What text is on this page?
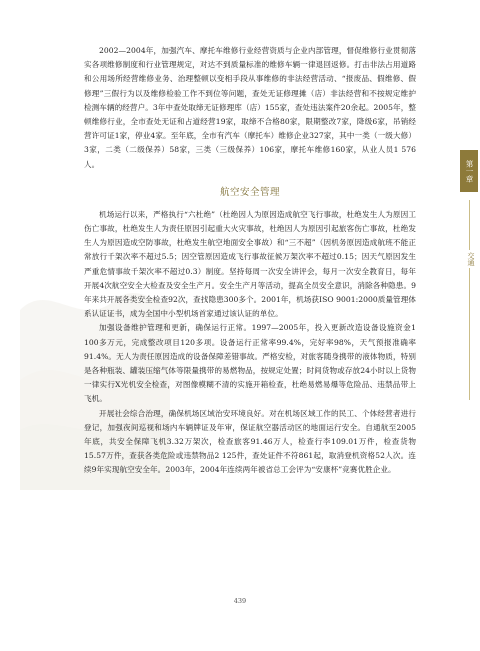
2002—2004年，加强汽车、摩托车维修行业经营资质与企业内部管理，督促维修行业贯彻落实各项维修制度和行业管理规定，对达不到质量标准的维修车辆一律退回返修。打击非法占用道路和公用场所经营维修业务、治理整顿以变相手段从事维修的非法经营活动、“报废品、假维修、假修理”三假行为以及维修检验工作不到位等问题，查处无证修理摊（店）非法经营和不按规定维护检测车辆的经营户。3年中查处取缔无证修理库（店）155家，查处违法案件20余起。2005年，整顿维修行业，全市查处无证和占道经营19家，取缔不合格80家，限期整改7家，降级6家，吊销经营许可证1家，停业4家。至年底，全市有汽车（摩托车）维修企业327家，其中一类（一级大修）3家，二类（二级保养）58家，三类（三级保养）106家，摩托车维修160家，从业人员1 576人。

航空安全管理

机场运行以来，严格执行“六杜绝”（杜绝因人为原因造成航空飞行事故，杜绝发生人为原因工伤亡事故，杜绝发生人为责任原因引起重大火灾事故，杜绝因人为原因引起旅客伤亡事故，杜绝发生人为原因造成空防事故，杜绝发生航空地面安全事故）和“三不超”（因机务原因造成航班不能正常放行千架次率不超过5.5；因空管原因造成飞行事故征候万架次率不超过0.15；因天气原因发生严重危情事故千架次率不超过0.3）制度。坚持每周一次安全讲评会，每月一次安全教育日，每年开展4次航空安全大检查及安全生产月。安全生产月等活动，提高全员安全意识，消除各种隐患。9年来共开展各类安全检查92次，查找隐患300多个。2001年，机场获ISO 9001:2000质量管理体系认证证书，成为全国中小型机场首家通过该认证的单位。

加强设备维护管理和更新，确保运行正常。1997—2005年，投入更新改造设备设施资金1 100多万元，完成整改项目120多项。设备运行正常率99.4%，完好率98%，天气预报准确率91.4%。无人为责任原因造成的设备保障差错事故。严格安检，对旅客随身携带的液体物质，特别是各种瓶装、罐装压缩气体等限量携带的易燃物品，按规定处置；时间货物或存放24小时以上货物一律实行X光机安全检查，对图像模糊不清的实施开箱检查，杜绝易燃易爆等危险品、违禁品带上飞机。

开展社会综合治理，确保机场区域治安环境良好。对在机场区域工作的民工、个体经营者进行登记，加强夜间巡视和场内车辆牌证及年审，保证航空器活动区的地面运行安全。自通航至2005年底，共安全保障飞机3.32万架次，检查旅客91.46万人，检查行李109.01万件，检查货物15.57万件，查获各类危险或违禁物品2 125件，查处证件不符861起，取消登机资格52人次。连续9年实现航空安全年。2003年，2004年连续两年被省总工会评为“安康杯”竞赛优胜企业。

第一章
交通
439
